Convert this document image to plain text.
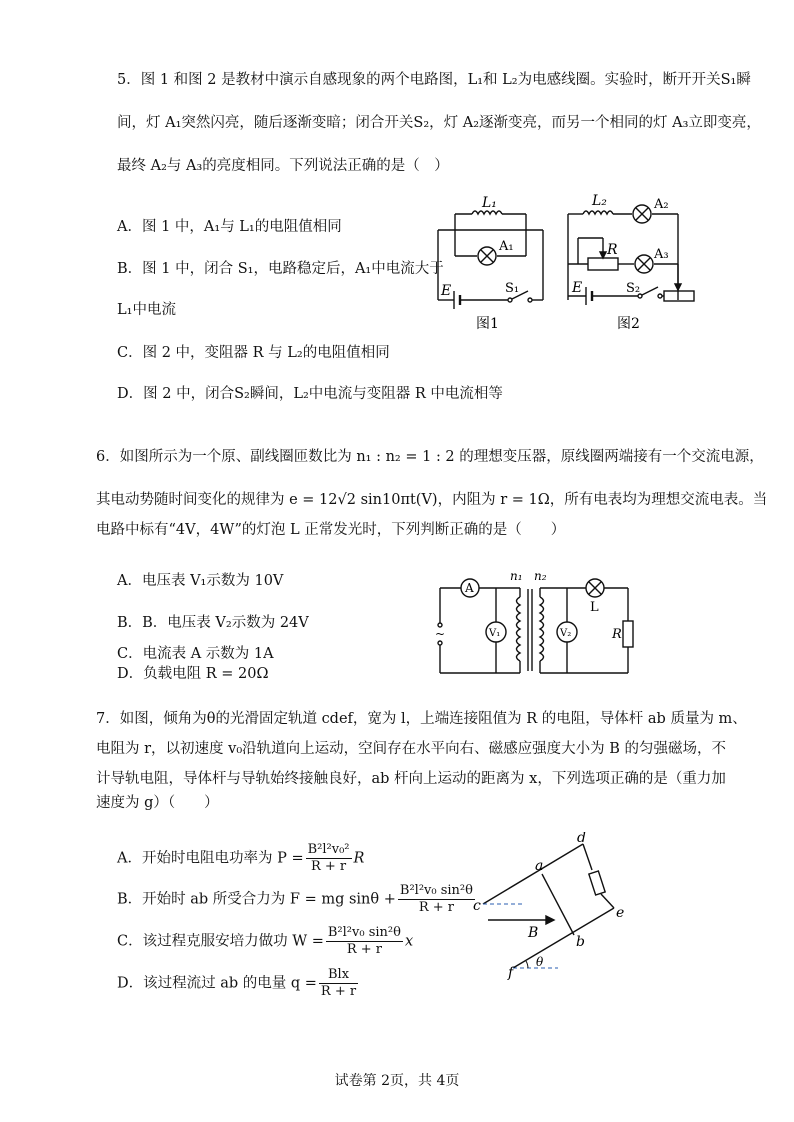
5．图 1 和图 2 是教材中演示自感现象的两个电路图，L₁和 L₂为电感线圈。实验时，断开开关S₁瞬
间，灯 A₁突然闪亮，随后逐渐变暗；闭合开关S₂，灯 A₂逐渐变亮，而另一个相同的灯 A₃立即变亮，
最终 A₂与 A₃的亮度相同。下列说法正确的是（　）
A．图 1 中，A₁与 L₁的电阻值相同
B．图 1 中，闭合 S₁，电路稳定后，A₁中电流大于
L₁中电流
C．图 2 中，变阻器 R 与 L₂的电阻值相同
D．图 2 中，闭合S₂瞬间，L₂中电流与变阻器 R 中电流相等
L₁
A₁
E	S₁
图1
L₂	A₂
A₃
R
E	S₂
图2
6．如图所示为一个原、副线圈匝数比为 n₁ : n₂ = 1 : 2 的理想变压器，原线圈两端接有一个交流电源，
其电动势随时间变化的规律为 e = 12√2 sin10πt(V)，内阻为 r = 1Ω，所有电表均为理想交流电表。当
电路中标有“4V，4W”的灯泡 L 正常发光时，下列判断正确的是（　　）
A．电压表 V₁示数为 10V
B．B．电压表 V₂示数为 24V
C．电流表 A 示数为 1A
D．负载电阻 R = 20Ω
A
V₁	V₂
n₁ n₂
L
R
~
7．如图，倾角为θ的光滑固定轨道 cdef，宽为 l，上端连接阻值为 R 的电阻，导体杆 ab 质量为 m、
电阻为 r，以初速度 v₀沿轨道向上运动，空间存在水平向右、磁感应强度大小为 B 的匀强磁场，不
计导轨电阻，导体杆与导轨始终接触良好，ab 杆向上运动的距离为 x，下列选项正确的是（重力加
速度为 g）（　　）
A．开始时电阻电功率为 $P = \frac{\text{B²l²v₀²}}{R + r}$ R
B．开始时 ab 所受合力为 F = mg $\sin\theta + \frac{\text{B²l²v₀ sin²θ}}{R + r}$
C．该过程克服安培力做功 $W = \frac{\text{B²l²v₀ sin²θ}}{R + r}$ x
D．该过程流过 ab 的电量 $q = \frac{\text{Blx}}{R + r}$
a
b
c
d
e
f
B
θ
试卷第 2页，共 4页
